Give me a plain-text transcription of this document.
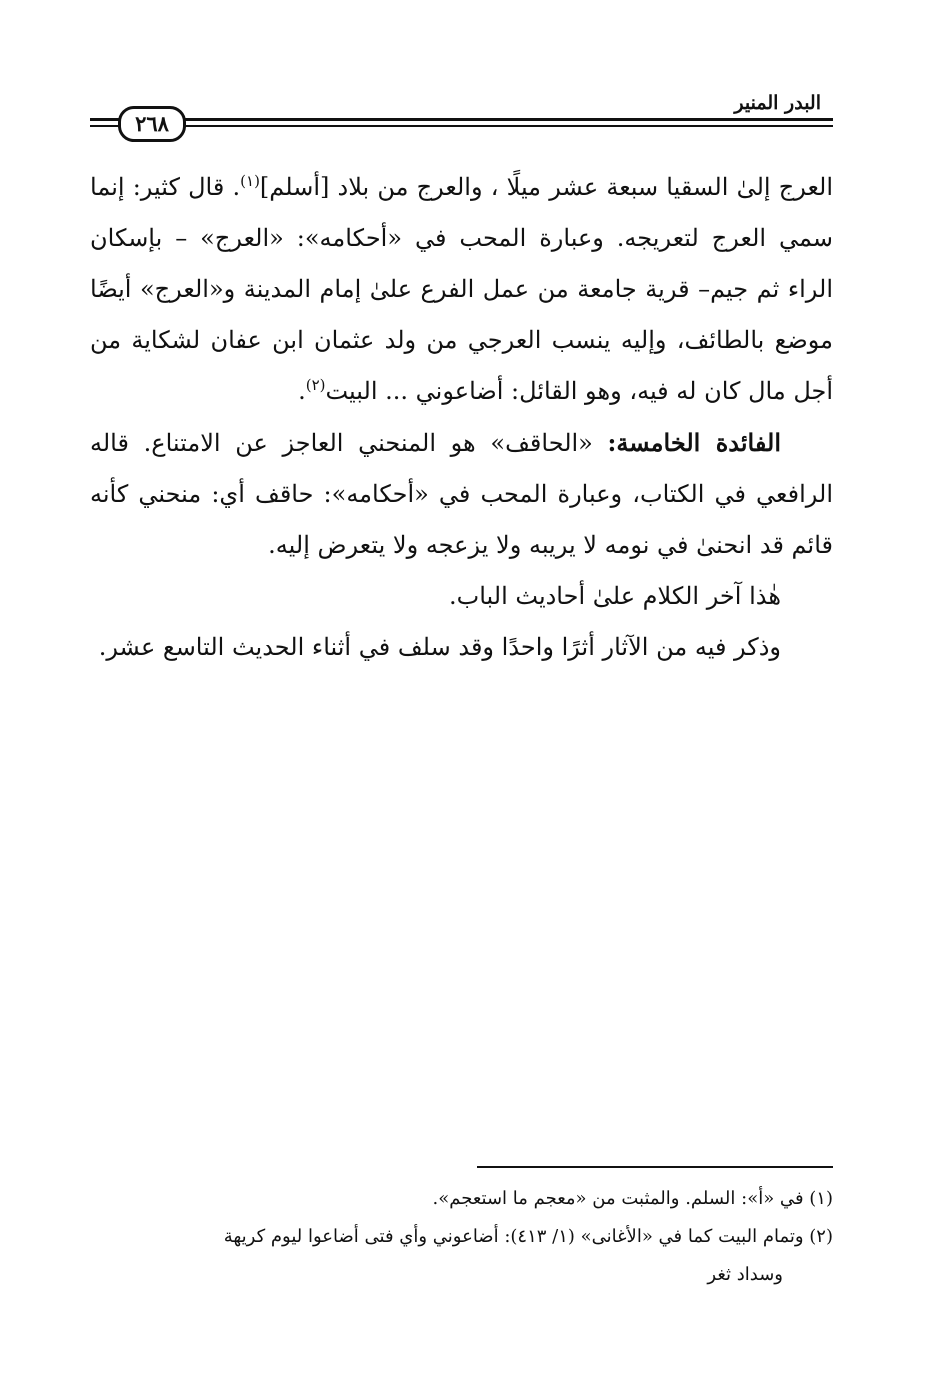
البدر المنير
٢٦٨

العرج إلىٰ السقيا سبعة عشر ميلًا ، والعرج من بلاد [أسلم]$^{(١)}$. قال كثير: إنما سمي العرج لتعريجه. وعبارة المحب في «أحكامه»: «العرج» – بإسكان الراء ثم جيم– قرية جامعة من عمل الفرع علىٰ إمام المدينة و«العرج» أيضًا موضع بالطائف، وإليه ينسب العرجي من ولد عثمان ابن عفان لشكاية من أجل مال كان له فيه، وهو القائل: أضاعوني ... البيت$^{(٢)}$.

الفائدة الخامسة: «الحاقف» هو المنحني العاجز عن الامتناع. قاله الرافعي في الكتاب، وعبارة المحب في «أحكامه»: حاقف أي: منحني كأنه قائم قد انحنىٰ في نومه لا يريبه ولا يزعجه ولا يتعرض إليه.

هٰذا آخر الكلام علىٰ أحاديث الباب.

وذكر فيه من الآثار أثرًا واحدًا وقد سلف في أثناء الحديث التاسع عشر.

(١) في «أ»: السلم. والمثبت من «معجم ما استعجم».

(٢) وتمام البيت كما في «الأغانى» (١/ ٤١٣): أضاعوني وأي فتى أضاعوا ليوم كريهة

وسداد ثغر
